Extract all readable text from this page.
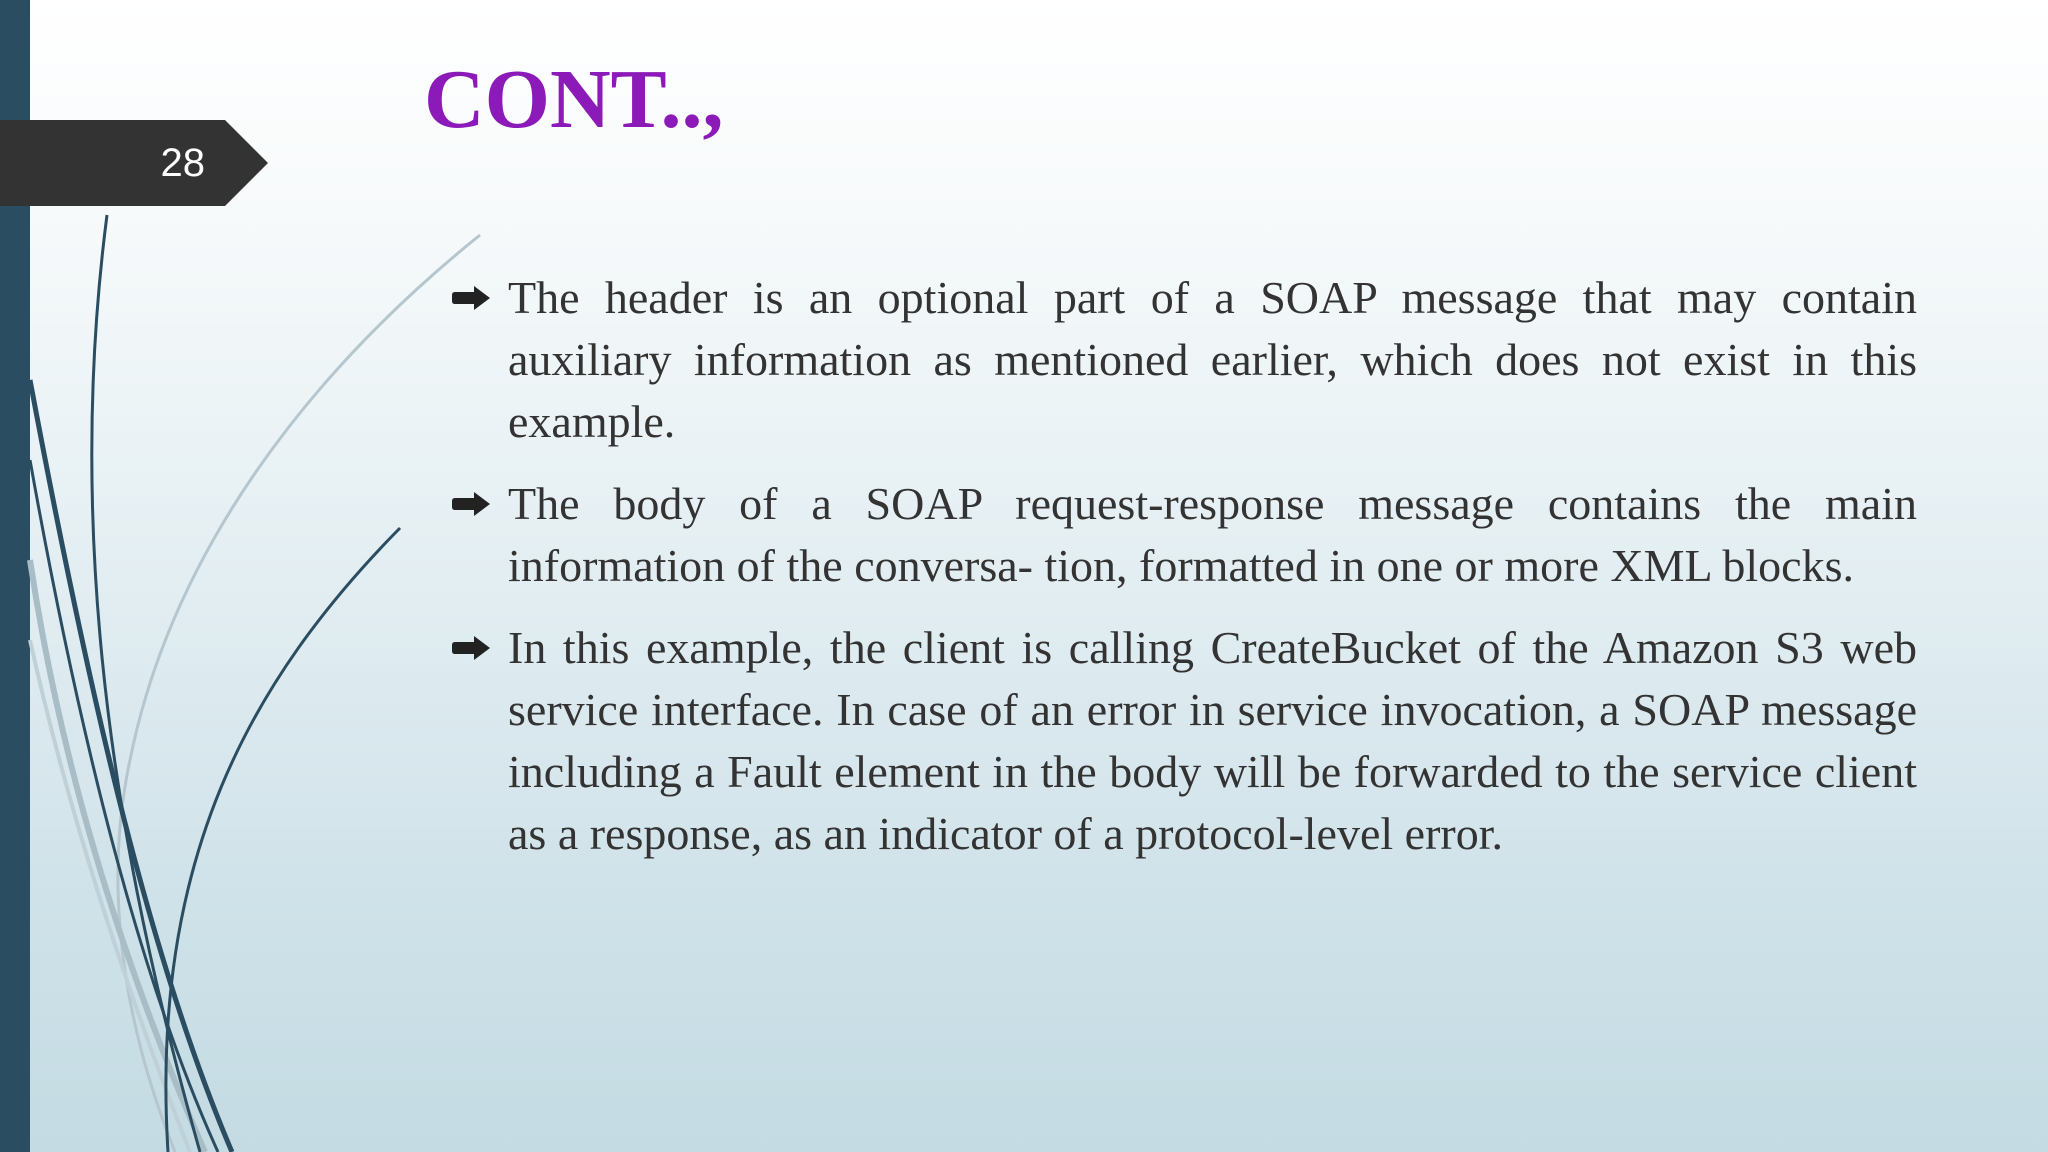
28
CONT..,
The header is an optional part of a SOAP message that may contain auxiliary information as mentioned earlier, which does not exist in this example.
The body of a SOAP request-response message contains the main information of the conversa- tion, formatted in one or more XML blocks.
In this example, the client is calling CreateBucket of the Amazon S3 web service interface. In case of an error in service invocation, a SOAP message including a Fault element in the body will be forwarded to the service client as a response, as an indicator of a protocol-level error.
